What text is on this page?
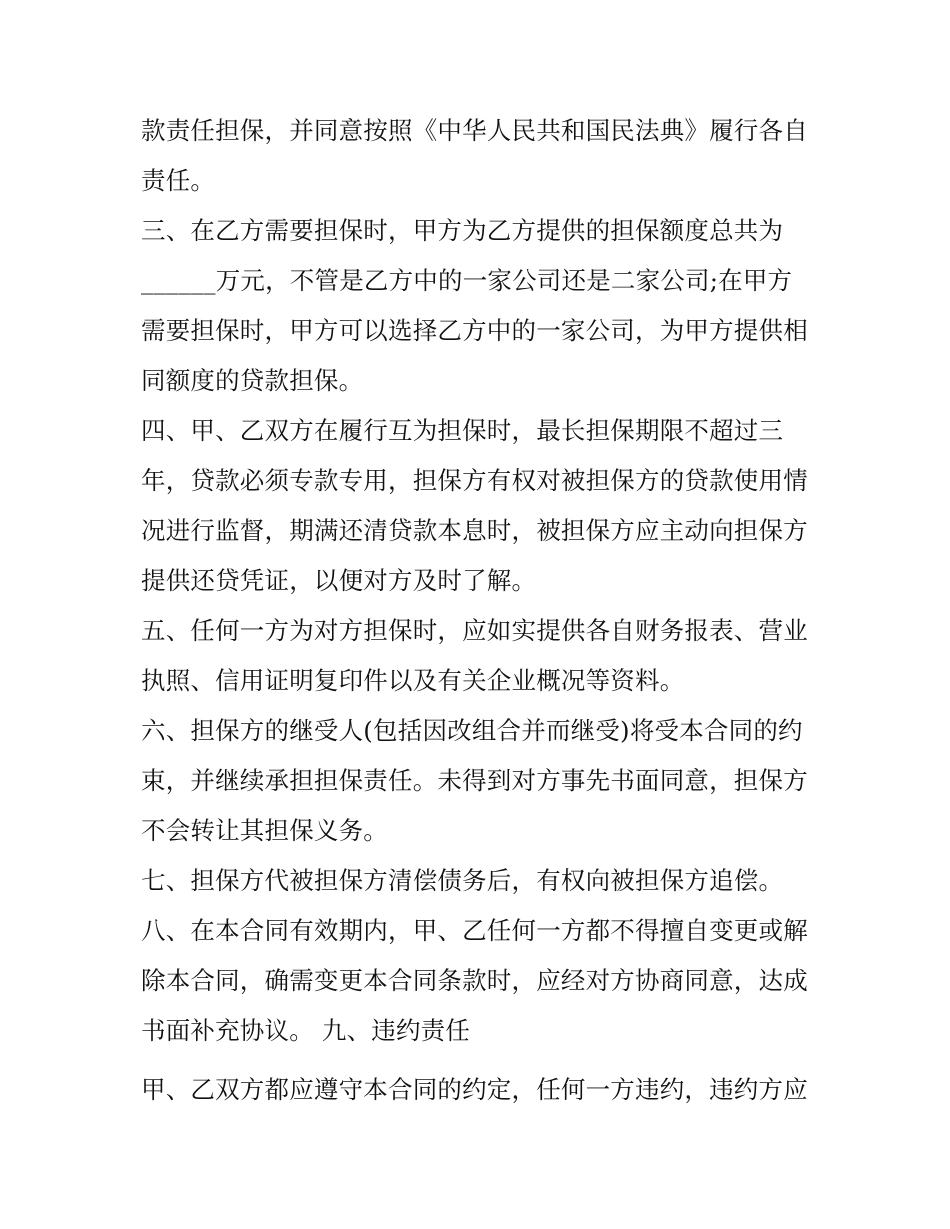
款责任担保，并同意按照《中华人民共和国民法典》履行各自
责任。
三、在乙方需要担保时，甲方为乙方提供的担保额度总共为
______万元，不管是乙方中的一家公司还是二家公司;在甲方
需要担保时，甲方可以选择乙方中的一家公司，为甲方提供相
同额度的贷款担保。
四、甲、乙双方在履行互为担保时，最长担保期限不超过三
年，贷款必须专款专用，担保方有权对被担保方的贷款使用情
况进行监督，期满还清贷款本息时，被担保方应主动向担保方
提供还贷凭证，以便对方及时了解。
五、任何一方为对方担保时，应如实提供各自财务报表、营业
执照、信用证明复印件以及有关企业概况等资料。
六、担保方的继受人(包括因改组合并而继受)将受本合同的约
束，并继续承担担保责任。未得到对方事先书面同意，担保方
不会转让其担保义务。
七、担保方代被担保方清偿债务后，有权向被担保方追偿。
八、在本合同有效期内，甲、乙任何一方都不得擅自变更或解
除本合同，确需变更本合同条款时，应经对方协商同意，达成
书面补充协议。 九、违约责任
甲、乙双方都应遵守本合同的约定，任何一方违约，违约方应
